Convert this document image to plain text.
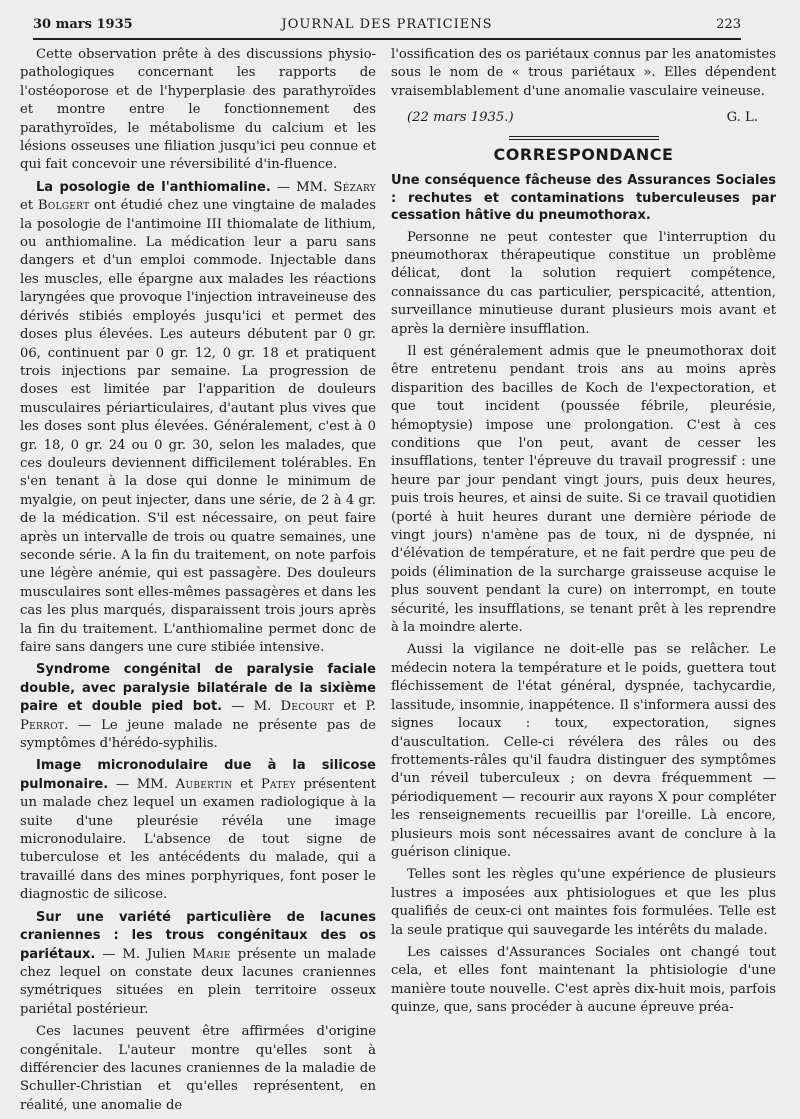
30 mars 1935	JOURNAL DES PRATICIENS	223

Cette observation prête à des discussions physio-pathologiques concernant les rapports de l'ostéoporose et de l'hyperplasie des parathyroïdes et montre entre le fonctionnement des parathyroïdes, le métabolisme du calcium et les lésions osseuses une filiation jusqu'ici peu connue et qui fait concevoir une réversibilité d'in-fluence.

La posologie de l'anthiomaline. — MM. Sézary et Bolgert ont étudié chez une vingtaine de malades la posologie de l'antimoine III thiomalate de lithium, ou anthiomaline. La médication leur a paru sans dangers et d'un emploi commode. Injectable dans les muscles, elle épargne aux malades les réactions laryngées que provoque l'injection intraveineuse des dérivés stibiés employés jusqu'ici et permet des doses plus élevées. Les auteurs débutent par 0 gr. 06, continuent par 0 gr. 12, 0 gr. 18 et pratiquent trois injections par semaine. La progression de doses est limitée par l'apparition de douleurs musculaires périarticulaires, d'autant plus vives que les doses sont plus élevées. Généralement, c'est à 0 gr. 18, 0 gr. 24 ou 0 gr. 30, selon les malades, que ces douleurs deviennent difficilement tolérables. En s'en tenant à la dose qui donne le minimum de myalgie, on peut injecter, dans une série, de 2 à 4 gr. de la médication. S'il est nécessaire, on peut faire après un intervalle de trois ou quatre semaines, une seconde série. A la fin du traitement, on note parfois une légère anémie, qui est passagère. Des douleurs musculaires sont elles-mêmes passagères et dans les cas les plus marqués, disparaissent trois jours après la fin du traitement. L'anthiomaline permet donc de faire sans dangers une cure stibiée intensive.

Syndrome congénital de paralysie faciale double, avec paralysie bilatérale de la sixième paire et double pied bot. — M. Decourt et P. Perrot. — Le jeune malade ne présente pas de symptômes d'hérédo-syphilis.

Image micronodulaire due à la silicose pulmonaire. — MM. Aubertin et Patey présentent un malade chez lequel un examen radiologique à la suite d'une pleurésie révéla une image micronodulaire. L'absence de tout signe de tuberculose et les antécédents du malade, qui a travaillé dans des mines porphyriques, font poser le diagnostic de silicose.

Sur une variété particulière de lacunes craniennes : les trous congénitaux des os pariétaux. — M. Julien Marie présente un malade chez lequel on constate deux lacunes craniennes symétriques situées en plein territoire osseux pariétal postérieur.

Ces lacunes peuvent être affirmées d'origine congénitale. L'auteur montre qu'elles sont à différencier des lacunes craniennes de la maladie de Schuller-Christian et qu'elles représentent, en réalité, une anomalie de

l'ossification des os pariétaux connus par les anatomistes sous le nom de « trous pariétaux ». Elles dépendent vraisemblablement d'une anomalie vasculaire veineuse.

(22 mars 1935.)	G. L.
CORRESPONDANCE
Une conséquence fâcheuse des Assurances Sociales : rechutes et contaminations tuberculeuses par cessation hâtive du pneumothorax.

Personne ne peut contester que l'interruption du pneumothorax thérapeutique constitue un problème délicat, dont la solution requiert compétence, connaissance du cas particulier, perspicacité, attention, surveillance minutieuse durant plusieurs mois avant et après la dernière insufflation.

Il est généralement admis que le pneumothorax doit être entretenu pendant trois ans au moins après disparition des bacilles de Koch de l'expectoration, et que tout incident (poussée fébrile, pleurésie, hémoptysie) impose une prolongation. C'est à ces conditions que l'on peut, avant de cesser les insufflations, tenter l'épreuve du travail progressif : une heure par jour pendant vingt jours, puis deux heures, puis trois heures, et ainsi de suite. Si ce travail quotidien (porté à huit heures durant une dernière période de vingt jours) n'amène pas de toux, ni de dyspnée, ni d'élévation de température, et ne fait perdre que peu de poids (élimination de la surcharge graisseuse acquise le plus souvent pendant la cure) on interrompt, en toute sécurité, les insufflations, se tenant prêt à les reprendre à la moindre alerte.

Aussi la vigilance ne doit-elle pas se relâcher. Le médecin notera la température et le poids, guettera tout fléchissement de l'état général, dyspnée, tachycardie, lassitude, insomnie, inappétence. Il s'informera aussi des signes locaux : toux, expectoration, signes d'auscultation. Celle-ci révélera des râles ou des frottements-râles qu'il faudra distinguer des symptômes d'un réveil tuberculeux ; on devra fréquemment — périodiquement — recourir aux rayons X pour compléter les renseignements recueillis par l'oreille. Là encore, plusieurs mois sont nécessaires avant de conclure à la guérison clinique.

Telles sont les règles qu'une expérience de plusieurs lustres a imposées aux phtisiologues et que les plus qualifiés de ceux-ci ont maintes fois formulées. Telle est la seule pratique qui sauvegarde les intérêts du malade.

Les caisses d'Assurances Sociales ont changé tout cela, et elles font maintenant la phtisiologie d'une manière toute nouvelle. C'est après dix-huit mois, parfois quinze, que, sans procéder à aucune épreuve préa-
